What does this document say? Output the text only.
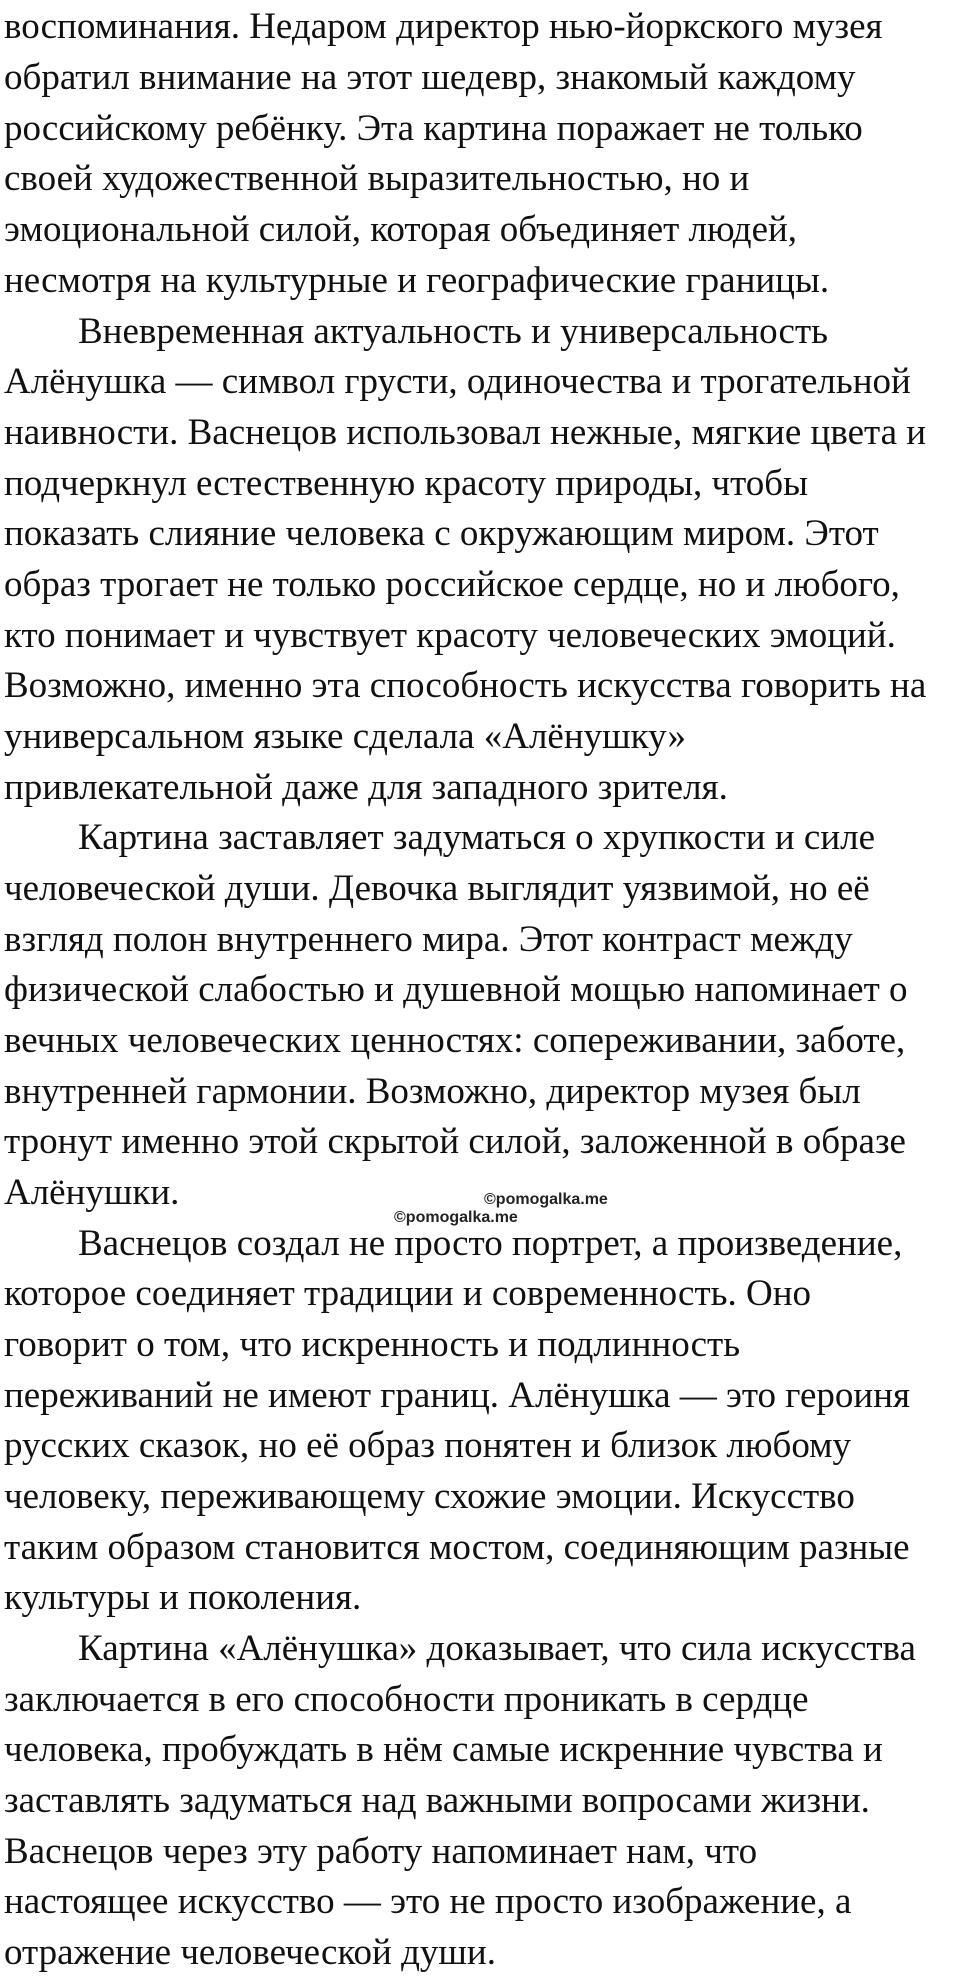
воспоминания. Недаром директор нью-йоркского музея
обратил внимание на этот шедевр, знакомый каждому
российскому ребёнку. Эта картина поражает не только
своей художественной выразительностью, но и
эмоциональной силой, которая объединяет людей,
несмотря на культурные и географические границы.
Вневременная актуальность и универсальность
Алёнушка — символ грусти, одиночества и трогательной
наивности. Васнецов использовал нежные, мягкие цвета и
подчеркнул естественную красоту природы, чтобы
показать слияние человека с окружающим миром. Этот
образ трогает не только российское сердце, но и любого,
кто понимает и чувствует красоту человеческих эмоций.
Возможно, именно эта способность искусства говорить на
универсальном языке сделала «Алёнушку»
привлекательной даже для западного зрителя.
Картина заставляет задуматься о хрупкости и силе
человеческой души. Девочка выглядит уязвимой, но её
взгляд полон внутреннего мира. Этот контраст между
физической слабостью и душевной мощью напоминает о
вечных человеческих ценностях: сопереживании, заботе,
внутренней гармонии. Возможно, директор музея был
тронут именно этой скрытой силой, заложенной в образе
Алёнушки.	©pomogalka.me
©pomogalka.me
Васнецов создал не просто портрет, а произведение,
которое соединяет традиции и современность. Оно
говорит о том, что искренность и подлинность
переживаний не имеют границ. Алёнушка — это героиня
русских сказок, но её образ понятен и близок любому
человеку, переживающему схожие эмоции. Искусство
таким образом становится мостом, соединяющим разные
культуры и поколения.
Картина «Алёнушка» доказывает, что сила искусства
заключается в его способности проникать в сердце
человека, пробуждать в нём самые искренние чувства и
заставлять задуматься над важными вопросами жизни.
Васнецов через эту работу напоминает нам, что
настоящее искусство — это не просто изображение, а
отражение человеческой души.
